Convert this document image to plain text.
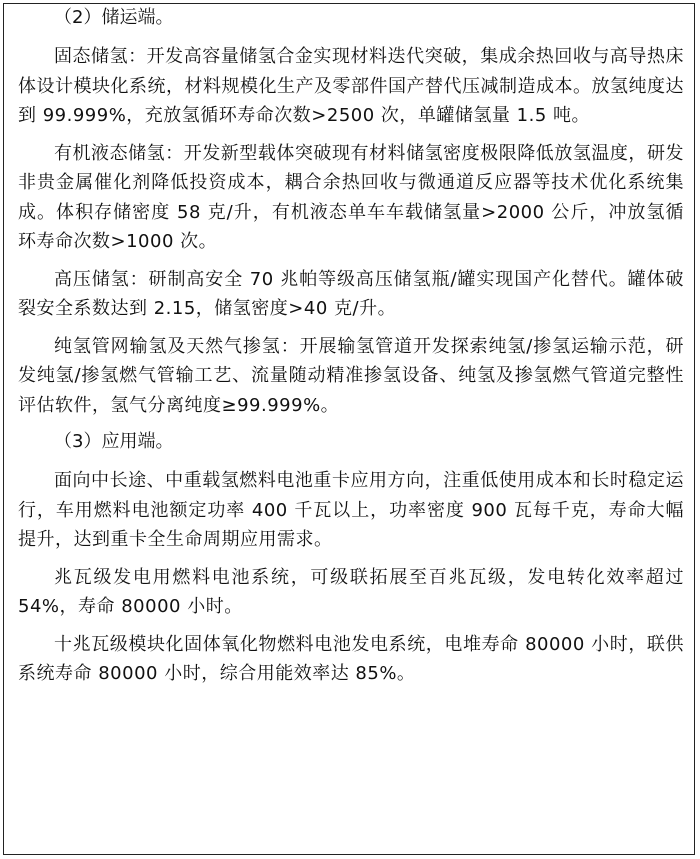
（2）储运端。

固态储氢：开发高容量储氢合金实现材料迭代突破，集成余热回收与高导热床体设计模块化系统，材料规模化生产及零部件国产替代压减制造成本。放氢纯度达到 99.999%，充放氢循环寿命次数>2500 次，单罐储氢量 1.5 吨。

有机液态储氢：开发新型载体突破现有材料储氢密度极限降低放氢温度，研发非贵金属催化剂降低投资成本，耦合余热回收与微通道反应器等技术优化系统集成。体积存储密度 58 克/升，有机液态单车车载储氢量>2000 公斤，冲放氢循环寿命次数>1000 次。

高压储氢：研制高安全 70 兆帕等级高压储氢瓶/罐实现国产化替代。罐体破裂安全系数达到 2.15，储氢密度>40 克/升。

纯氢管网输氢及天然气掺氢：开展输氢管道开发探索纯氢/掺氢运输示范，研发纯氢/掺氢燃气管输工艺、流量随动精准掺氢设备、纯氢及掺氢燃气管道完整性评估软件，氢气分离纯度≥99.999%。

（3）应用端。

面向中长途、中重载氢燃料电池重卡应用方向，注重低使用成本和长时稳定运行，车用燃料电池额定功率 400 千瓦以上，功率密度 900 瓦每千克，寿命大幅提升，达到重卡全生命周期应用需求。

兆瓦级发电用燃料电池系统，可级联拓展至百兆瓦级，发电转化效率超过 54%，寿命 80000 小时。

十兆瓦级模块化固体氧化物燃料电池发电系统，电堆寿命 80000 小时，联供系统寿命 80000 小时，综合用能效率达 85%。
